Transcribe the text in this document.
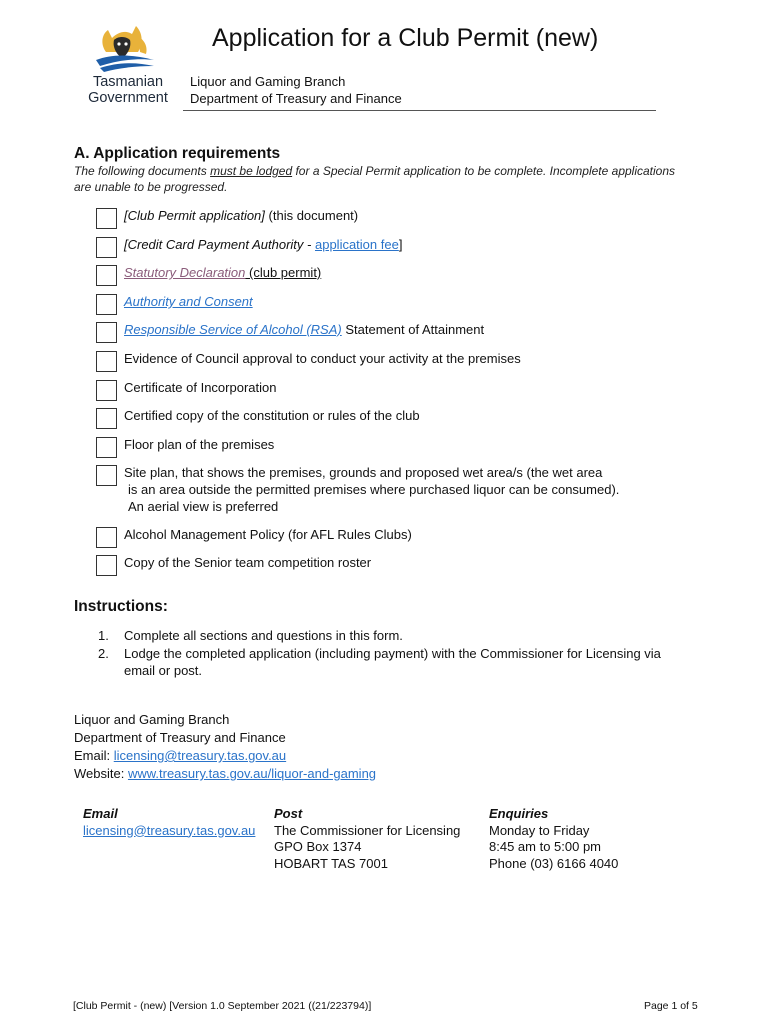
Tasmanian
Government
Application for a Club Permit (new)
Liquor and Gaming Branch
Department of Treasury and Finance
A. Application requirements
The following documents must be lodged for a Special Permit application to be complete. Incomplete applications
are unable to be progressed.
[Club Permit application] (this document)
[Credit Card Payment Authority - application fee]
Statutory Declaration (club permit)
Authority and Consent
Responsible Service of Alcohol (RSA) Statement of Attainment
Evidence of Council approval to conduct your activity at the premises
Certificate of Incorporation
Certified copy of the constitution or rules of the club
Floor plan of the premises
Site plan, that shows the premises, grounds and proposed wet area/s (the wet area
is an area outside the permitted premises where purchased liquor can be consumed).
An aerial view is preferred
Alcohol Management Policy (for AFL Rules Clubs)
Copy of the Senior team competition roster
Instructions:
1. Complete all sections and questions in this form.
2. Lodge the completed application (including payment) with the Commissioner for Licensing via
email or post.
Liquor and Gaming Branch
Department of Treasury and Finance
Email: licensing@treasury.tas.gov.au
Website: www.treasury.tas.gov.au/liquor-and-gaming
Email
licensing@treasury.tas.gov.au
Post
The Commissioner for Licensing
GPO Box 1374
HOBART TAS 7001
Enquiries
Monday to Friday
8:45 am to 5:00 pm
Phone (03) 6166 4040
[Club Permit - (new) [Version 1.0 September 2021 ((21/223794)]	Page 1 of 5
